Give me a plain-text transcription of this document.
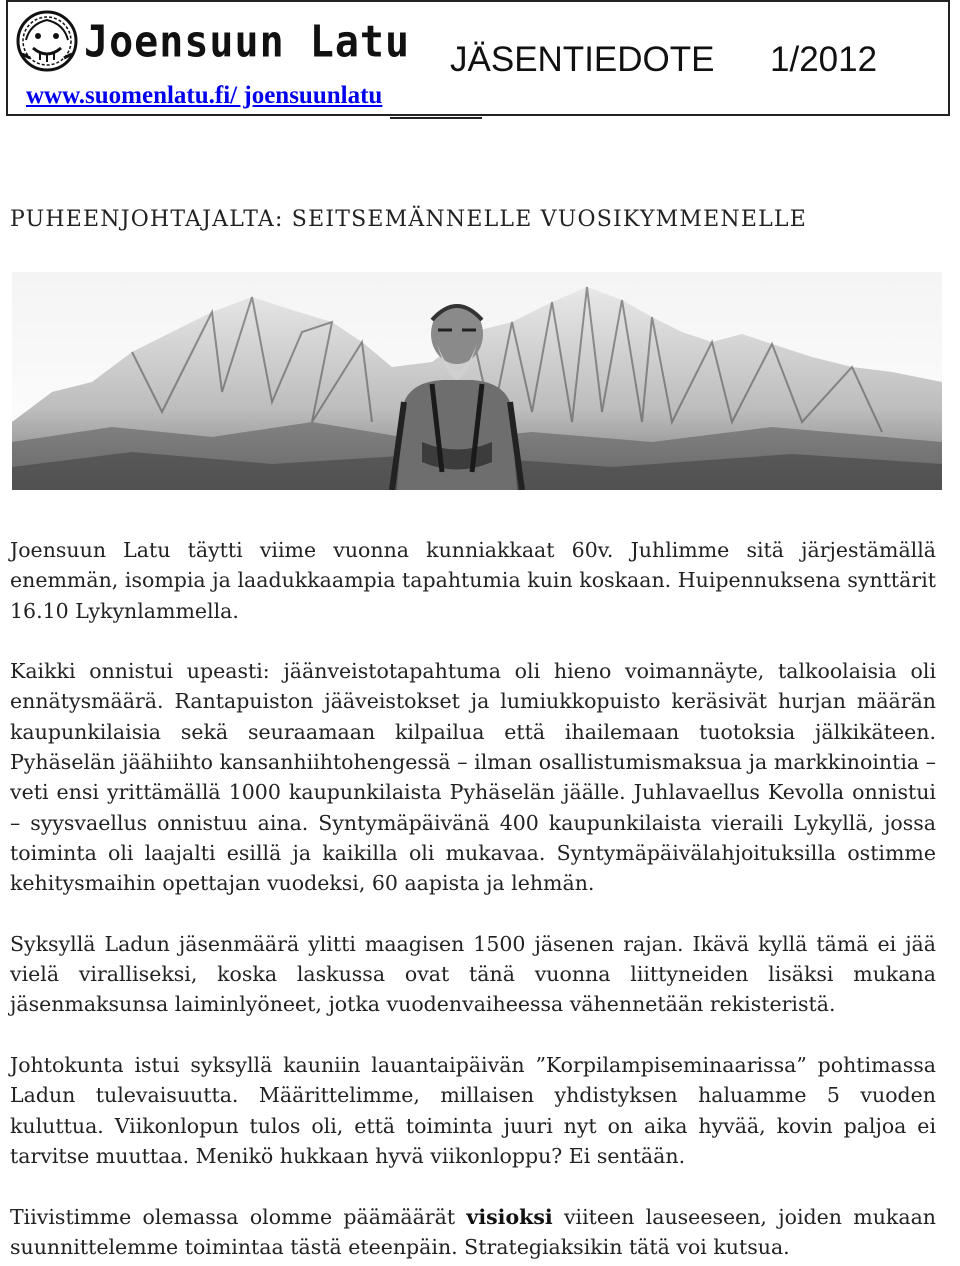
Joensuun Latu
www.suomenlatu.fi/ joensuunlatu
JÄSENTIEDOTE 1/2012
PUHEENJOHTAJALTA: SEITSEMÄNNELLE VUOSIKYMMENELLE

Joensuun Latu täytti viime vuonna kunniakkaat 60v. Juhlimme sitä järjestämällä enemmän, isompia ja laadukkaampia tapahtumia kuin koskaan. Huipennuksena synttärit 16.10 Lykynlammella.

Kaikki onnistui upeasti: jäänveistotapahtuma oli hieno voimannäyte, talkoolaisia oli ennätysmäärä. Rantapuiston jääveistokset ja lumiukkopuisto keräsivät hurjan määrän kaupunkilaisia sekä seuraamaan kilpailua että ihailemaan tuotoksia jälkikäteen. Pyhäselän jäähiihto kansanhiihtohengessä – ilman osallistumismaksua ja markkinointia – veti ensi yrittämällä 1000 kaupunkilaista Pyhäselän jäälle. Juhlavaellus Kevolla onnistui – syysvaellus onnistuu aina. Syntymäpäivänä 400 kaupunkilaista vieraili Lykyllä, jossa toiminta oli laajalti esillä ja kaikilla oli mukavaa. Syntymäpäivälahjoituksilla ostimme kehitysmaihin opettajan vuodeksi, 60 aapista ja lehmän.

Syksyllä Ladun jäsenmäärä ylitti maagisen 1500 jäsenen rajan. Ikävä kyllä tämä ei jää vielä viralliseksi, koska laskussa ovat tänä vuonna liittyneiden lisäksi mukana jäsenmaksunsa laiminlyöneet, jotka vuodenvaiheessa vähennetään rekisteristä.

Johtokunta istui syksyllä kauniin lauantaipäivän ”Korpilampiseminaarissa” pohtimassa Ladun tulevaisuutta. Määrittelimme, millaisen yhdistyksen haluamme 5 vuoden kuluttua. Viikonlopun tulos oli, että toiminta juuri nyt on aika hyvää, kovin paljoa ei tarvitse muuttaa. Menikö hukkaan hyvä viikonloppu? Ei sentään.

Tiivistimme olemassa olomme päämäärät visioksi viiteen lauseeseen, joiden mukaan suunnittelemme toimintaa tästä eteenpäin. Strategiaksikin tätä voi kutsua.
